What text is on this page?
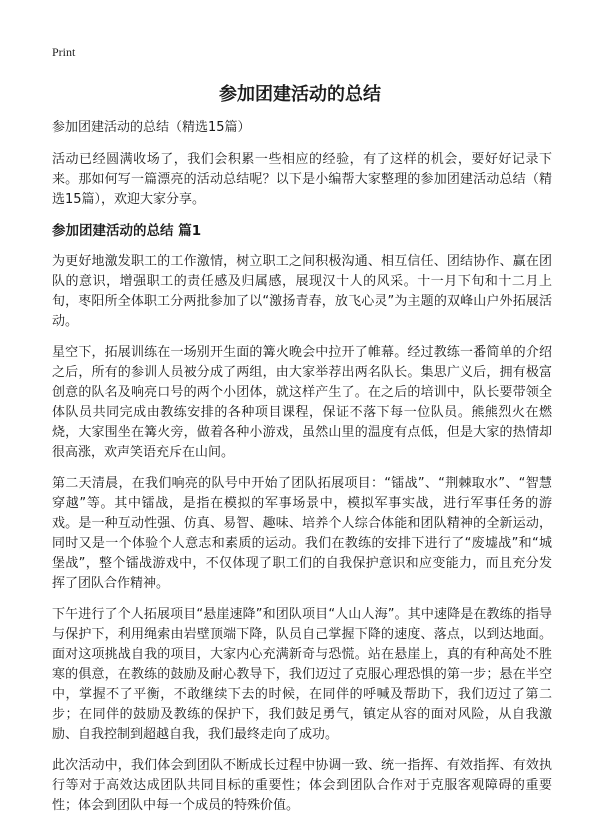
Print
参加团建活动的总结

参加团建活动的总结（精选15篇）

活动已经圆满收场了，我们会积累一些相应的经验，有了这样的机会，要好好记录下来。那如何写一篇漂亮的活动总结呢？以下是小编帮大家整理的参加团建活动总结（精选15篇），欢迎大家分享。

参加团建活动的总结 篇1

为更好地激发职工的工作激情，树立职工之间积极沟通、相互信任、团结协作、赢在团队的意识，增强职工的责任感及归属感，展现汉十人的风采。十一月下旬和十二月上旬，枣阳所全体职工分两批参加了以“激扬青春，放飞心灵”为主题的双峰山户外拓展活动。

星空下，拓展训练在一场别开生面的篝火晚会中拉开了帷幕。经过教练一番简单的介绍之后，所有的参训人员被分成了两组，由大家举荐出两名队长。集思广义后，拥有极富创意的队名及响亮口号的两个小团体，就这样产生了。在之后的培训中，队长要带领全体队员共同完成由教练安排的各种项目课程，保证不落下每一位队员。熊熊烈火在燃烧，大家围坐在篝火旁，做着各种小游戏，虽然山里的温度有点低，但是大家的热情却很高涨，欢声笑语充斥在山间。

第二天清晨，在我们响亮的队号中开始了团队拓展项目：“镭战”、“荆棘取水”、“智慧穿越”等。其中镭战，是指在模拟的军事场景中，模拟军事实战，进行军事任务的游戏。是一种互动性强、仿真、易智、趣味、培养个人综合体能和团队精神的全新运动，同时又是一个体验个人意志和素质的运动。我们在教练的安排下进行了“废墟战”和“城堡战”，整个镭战游戏中，不仅体现了职工们的自我保护意识和应变能力，而且充分发挥了团队合作精神。

下午进行了个人拓展项目“悬崖速降”和团队项目“人山人海”。其中速降是在教练的指导与保护下，利用绳索由岩壁顶端下降，队员自己掌握下降的速度、落点，以到达地面。面对这项挑战自我的项目，大家内心充满新奇与恐慌。站在悬崖上，真的有种高处不胜寒的俱意，在教练的鼓励及耐心教导下，我们迈过了克服心理恐惧的第一步；悬在半空中，掌握不了平衡，不敢继续下去的时候，在同伴的呼喊及帮助下，我们迈过了第二步；在同伴的鼓励及教练的保护下，我们鼓足勇气，镇定从容的面对风险，从自我激励、自我控制到超越自我，我们最终走向了成功。

此次活动中，我们体会到团队不断成长过程中协调一致、统一指挥、有效指挥、有效执行等对于高效达成团队共同目标的重要性；体会到团队合作对于克服客观障碍的重要性；体会到团队中每一个成员的特殊价值。
